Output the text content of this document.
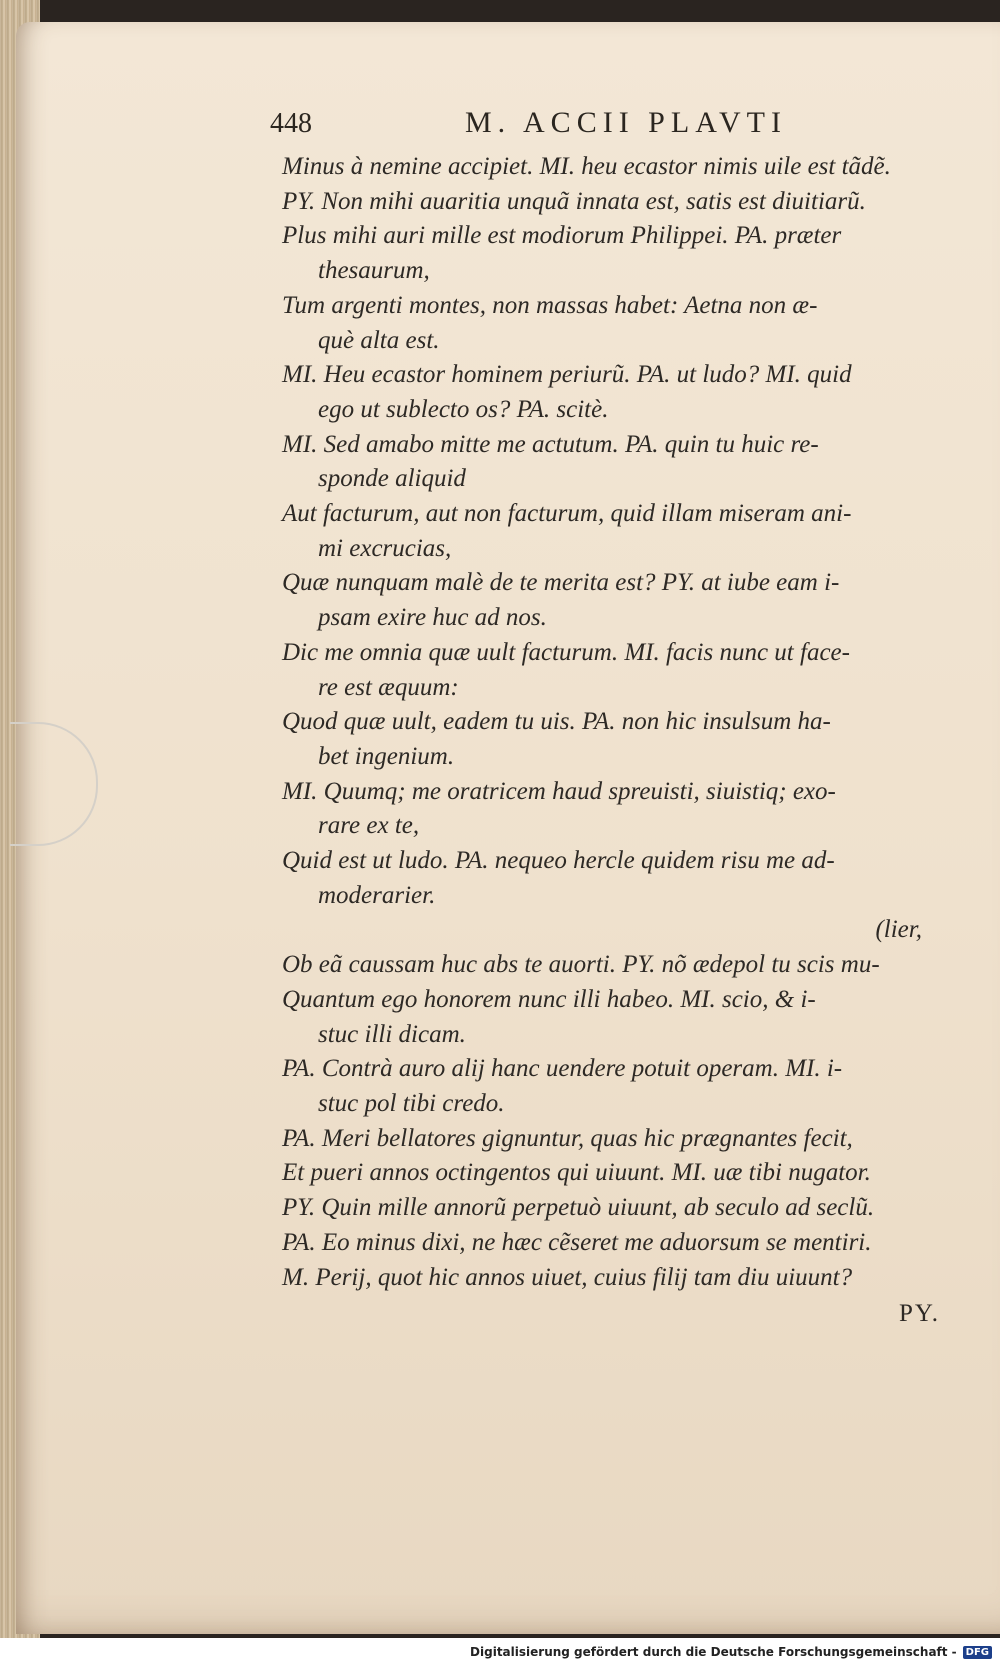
448	M. ACCII PLAVTI
Minus à nemine accipiet. MI. heu ecastor nimis uile est tãdẽ.
PY. Non mihi auaritia unquã innata est, satis est diuitiarũ.
Plus mihi auri mille est modiorum Philippei. PA. præter
thesaurum,
Tum argenti montes, non massas habet: Aetna non æ-
què alta est.
MI. Heu ecastor hominem periurũ. PA. ut ludo? MI. quid
ego ut sublecto os? PA. scitè.
MI. Sed amabo mitte me actutum. PA. quin tu huic re-
sponde aliquid
Aut facturum, aut non facturum, quid illam miseram ani-
mi excrucias,
Quæ nunquam malè de te merita est? PY. at iube eam i-
psam exire huc ad nos.
Dic me omnia quæ uult facturum. MI. facis nunc ut face-
re est æquum:
Quod quæ uult, eadem tu uis. PA. non hic insulsum ha-
bet ingenium.
MI. Quumq; me oratricem haud spreuisti, siuistiq; exo-
rare ex te,
Quid est ut ludo. PA. nequeo hercle quidem risu me ad-
moderarier.
(lier,
Ob eã caussam huc abs te auorti. PY. nõ ædepol tu scis mu-
Quantum ego honorem nunc illi habeo. MI. scio, & i-
stuc illi dicam.
PA. Contrà auro alij hanc uendere potuit operam. MI. i-
stuc pol tibi credo.
PA. Meri bellatores gignuntur, quas hic prægnantes fecit,
Et pueri annos octingentos qui uiuunt. MI. uæ tibi nugator.
PY. Quin mille annorũ perpetuò uiuunt, ab seculo ad seclũ.
PA. Eo minus dixi, ne hæc cẽseret me aduorsum se mentiri.
M. Perij, quot hic annos uiuet, cuius filij tam diu uiuunt?
PY.
Digitalisierung gefördert durch die Deutsche Forschungsgemeinschaft - DFG
